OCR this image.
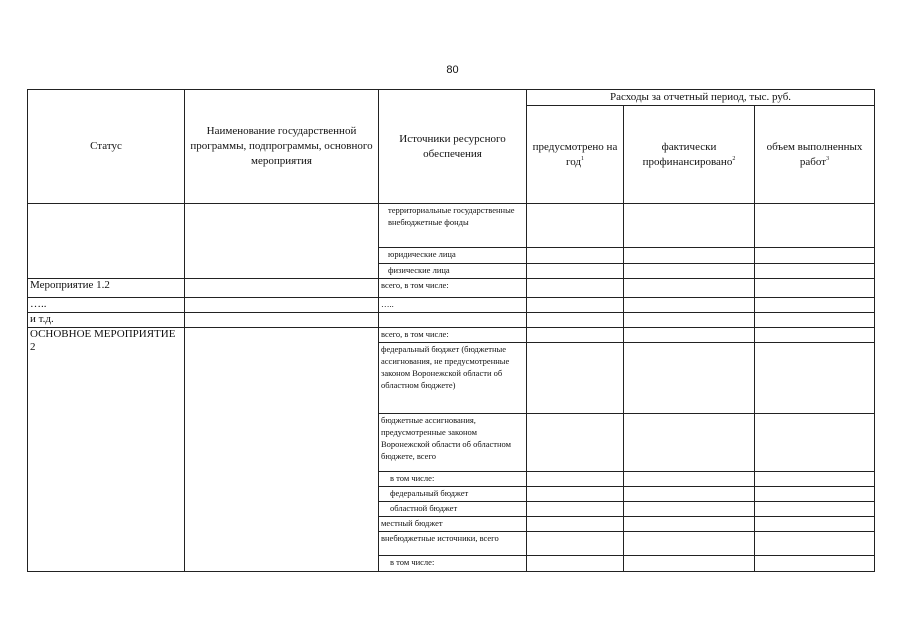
80
Статус	Наименование государственной программы, подпрограммы, основного мероприятия	Источники ресурсного обеспечения	Расходы за отчетный период, тыс. руб.		
			предусмотрено на год$^1$	фактически профинансировано$^2$	объем выполненных работ$^3$
		территориальные государственные внебюджетные фонды			
		юридические лица			
		физические лица			
Мероприятие 1.2		всего, в том числе:			
…..		…..			
и т.д.					
ОСНОВНОЕ МЕРОПРИЯТИЕ 2		всего, в том числе:			
		федеральный бюджет (бюджетные ассигнования, не предусмотренные законом Воронежской области об областном бюджете)			
		бюджетные ассигнования, предусмотренные законом Воронежской области об областном бюджете, всего			
		в том числе:			
		федеральный бюджет			
		областной бюджет			
		местный бюджет			
		внебюджетные источники, всего			
		в том числе:			
